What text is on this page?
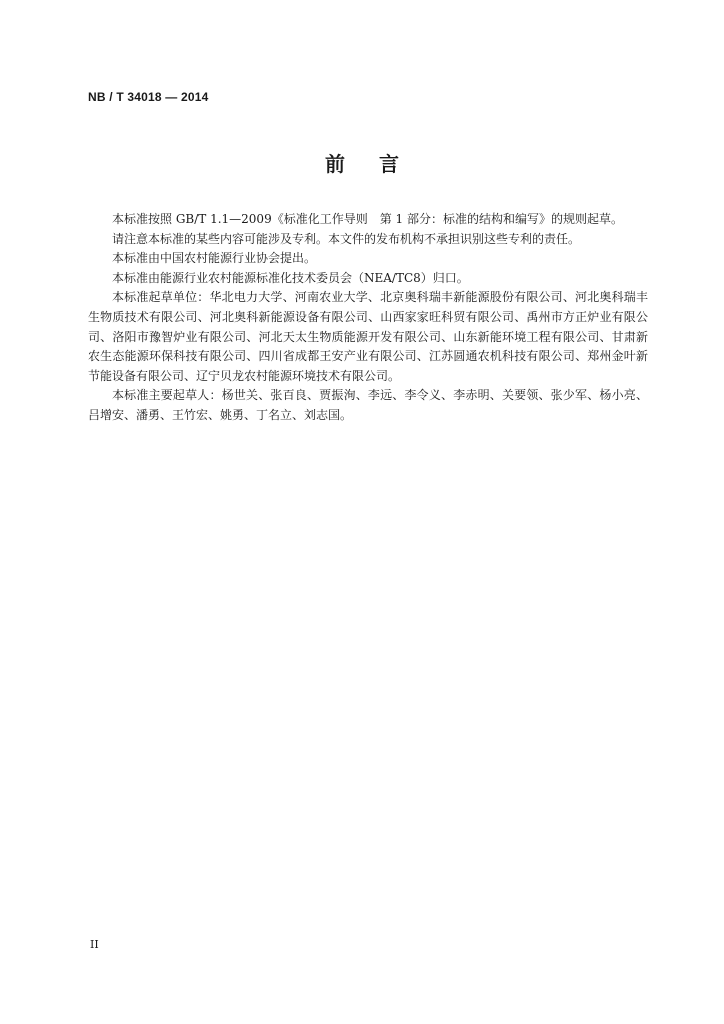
NB / T 34018 — 2014
前言

本标准按照 GB/T 1.1—2009《标准化工作导则　第 1 部分：标准的结构和编写》的规则起草。

请注意本标准的某些内容可能涉及专利。本文件的发布机构不承担识别这些专利的责任。

本标准由中国农村能源行业协会提出。

本标准由能源行业农村能源标准化技术委员会（NEA/TC8）归口。

本标准起草单位：华北电力大学、河南农业大学、北京奥科瑞丰新能源股份有限公司、河北奥科瑞丰生物质技术有限公司、河北奥科新能源设备有限公司、山西家家旺科贸有限公司、禹州市方正炉业有限公司、洛阳市豫智炉业有限公司、河北天太生物质能源开发有限公司、山东新能环境工程有限公司、甘肃新农生态能源环保科技有限公司、四川省成都王安产业有限公司、江苏圆通农机科技有限公司、郑州金叶新节能设备有限公司、辽宁贝龙农村能源环境技术有限公司。

本标准主要起草人：杨世关、张百良、贾振洵、李远、李令义、李赤明、关要领、张少军、杨小亮、吕增安、潘勇、王竹宏、姚勇、丁名立、刘志国。

II
